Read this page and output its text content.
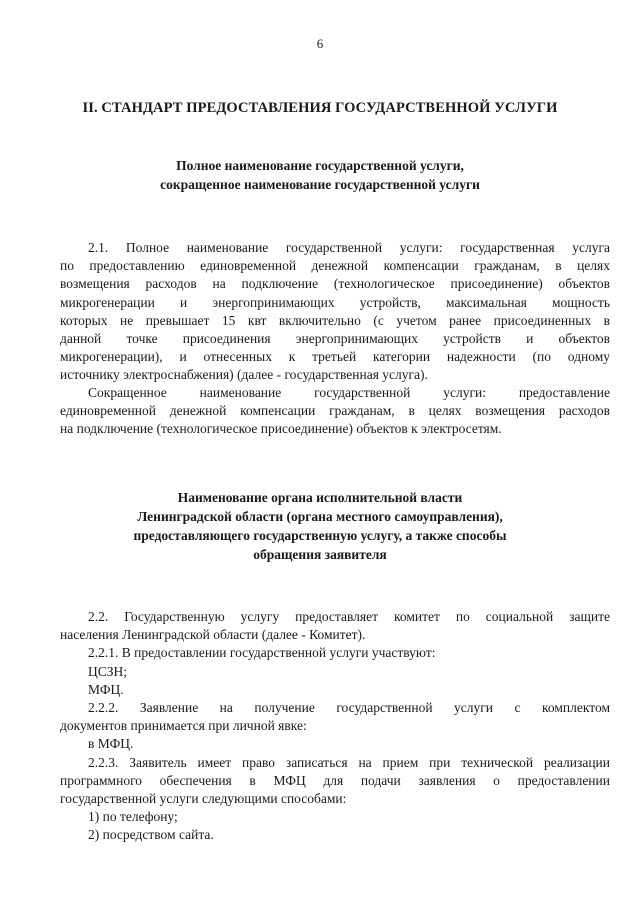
6
II. СТАНДАРТ ПРЕДОСТАВЛЕНИЯ ГОСУДАРСТВЕННОЙ УСЛУГИ
Полное наименование государственной услуги,
сокращенное наименование государственной услуги
2.1. Полное наименование государственной услуги: государственная услуга
по предоставлению единовременной денежной компенсации гражданам, в целях
возмещения расходов на подключение (технологическое присоединение) объектов
микрогенерации и энергопринимающих устройств, максимальная мощность
которых не превышает 15 квт включительно (с учетом ранее присоединенных в
данной точке присоединения энергопринимающих устройств и объектов
микрогенерации), и отнесенных к третьей категории надежности (по одному
источнику электроснабжения) (далее - государственная услуга).
Сокращенное наименование государственной услуги: предоставление
единовременной денежной компенсации гражданам, в целях возмещения расходов
на подключение (технологическое присоединение) объектов к электросетям.
Наименование органа исполнительной власти
Ленинградской области (органа местного самоуправления),
предоставляющего государственную услугу, а также способы
обращения заявителя
2.2. Государственную услугу предоставляет комитет по социальной защите
населения Ленинградской области (далее - Комитет).
2.2.1. В предоставлении государственной услуги участвуют:
ЦСЗН;
МФЦ.
2.2.2. Заявление на получение государственной услуги с комплектом
документов принимается при личной явке:
в МФЦ.
2.2.3. Заявитель имеет право записаться на прием при технической реализации
программного обеспечения в МФЦ для подачи заявления о предоставлении
государственной услуги следующими способами:
1) по телефону;
2) посредством сайта.
